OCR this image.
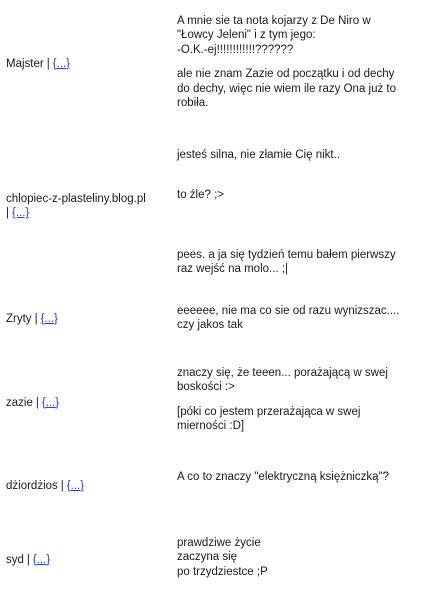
Majster | {...}

A mnie sie ta nota kojarzy z De Niro w "Łowcy Jeleni" i z tym jego:
-O.K.-ej!!!!!!!!!!!!??????

ale nie znam Zazie od początku i od dechy do dechy, więc nie wiem ile razy Ona już to robiła.

jesteś silna, nie złamie Cię nikt..

chlopiec-z-plasteliny.blog.pl
| {...}

to źle? ;>

pees. a ja się tydzień temu bałem pierwszy raz wejść na molo... ;|

Zryty | {...}

eeeeee, nie ma co sie od razu wynizszac.... czy jakos tak

zazie | {...}

znaczy się, że teeen... porażającą w swej boskości :>

[póki co jestem przerażająca w swej mierności :D]

dżiordżios | {...}

A co to znaczy "elektryczną księżniczką"?

syd | {...}

prawdziwe życie
zaczyna się
po trzydziestce ;P
